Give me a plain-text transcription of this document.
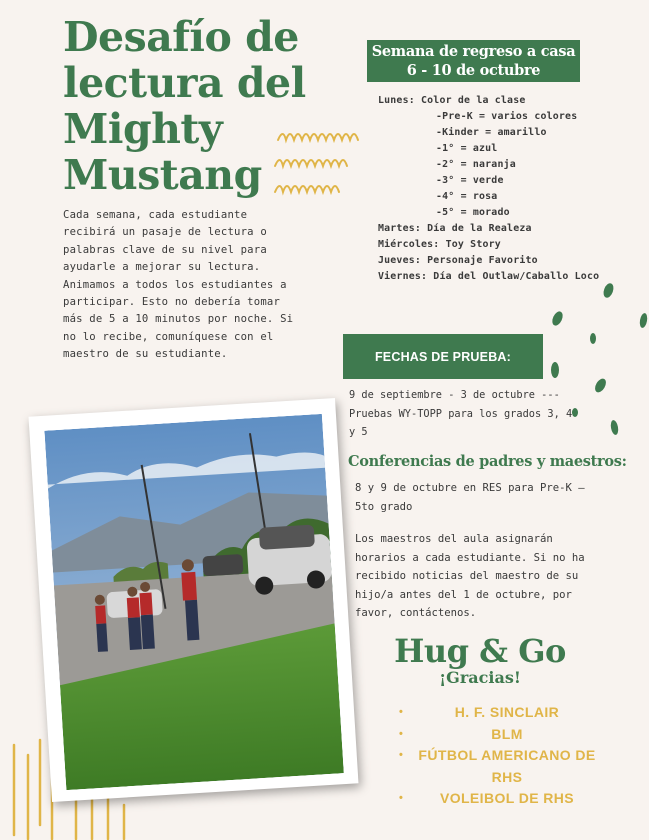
Desafío de
lectura del
Mighty
Mustang
Cada semana, cada estudiante recibirá un pasaje de lectura o palabras clave de su nivel para ayudarle a mejorar su lectura. Animamos a todos los estudiantes a participar. Esto no debería tomar más de 5 a 10 minutos por noche. Si no lo recibe, comuníquese con el maestro de su estudiante.
Semana de regreso a casa
6 - 10 de octubre
Lunes: Color de la clase
-Pre-K = varios colores
-Kinder = amarillo
-1° = azul
-2° = naranja
-3° = verde
-4° = rosa
-5° = morado
Martes: Día de la Realeza
Miércoles: Toy Story
Jueves: Personaje Favorito
Viernes: Día del Outlaw/Caballo Loco
FECHAS DE PRUEBA:
9 de septiembre - 3 de octubre --- Pruebas WY-TOPP para los grados 3, 4 y 5
Conferencias de padres y maestros:
8 y 9 de octubre en RES para Pre-K – 5to grado
Los maestros del aula asignarán horarios a cada estudiante. Si no ha recibido noticias del maestro de su hijo/a antes del 1 de octubre, por favor, contáctenos.
Hug & Go
¡Gracias!
• H. F. SINCLAIR
• BLM
• FÚTBOL AMERICANO DE RHS
• VOLEIBOL DE RHS
